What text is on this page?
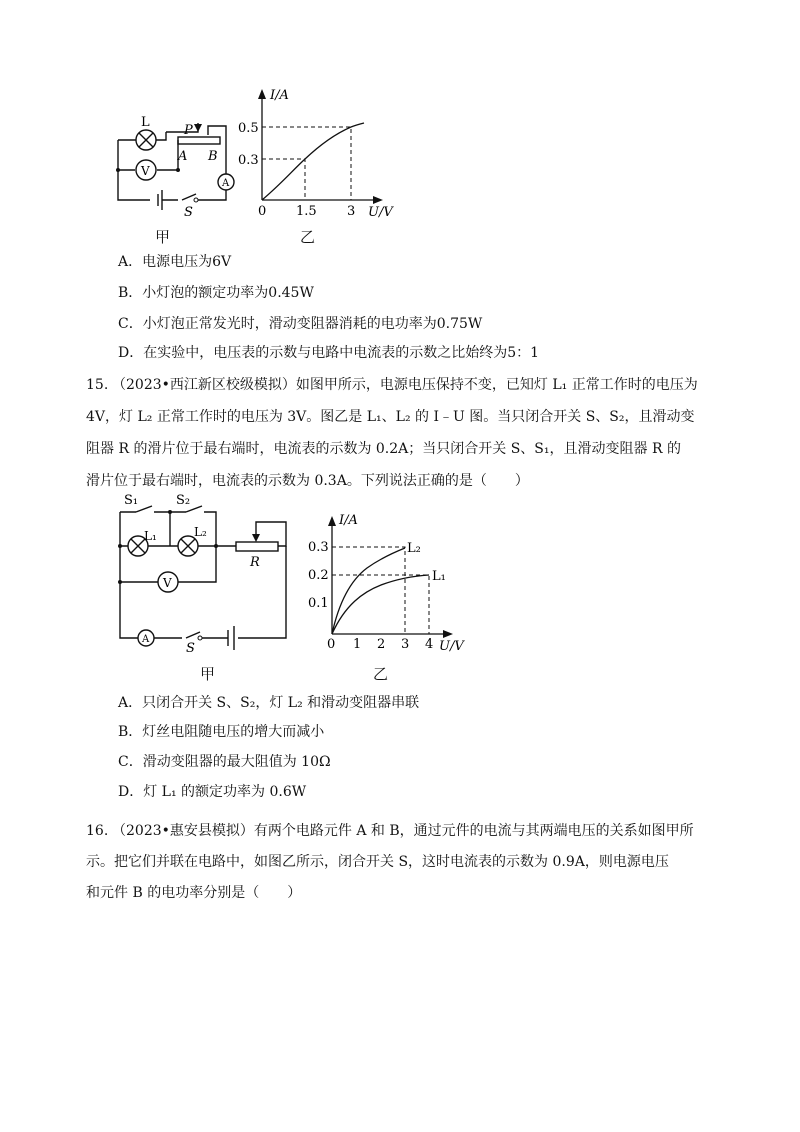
L
P
A B
V
A
S
甲
I/A
U/V
0
0.3
0.5
1.5 3
乙
A．电源电压为6V
B．小灯泡的额定功率为0.45W
C．小灯泡正常发光时，滑动变阻器消耗的电功率为0.75W
D．在实验中，电压表的示数与电路中电流表的示数之比始终为5：1
15. （2023•西江新区校级模拟）如图甲所示，电源电压保持不变，已知灯 L₁ 正常工作时的电压为
4V，灯 L₂ 正常工作时的电压为 3V。图乙是 L₁、L₂ 的 I﹣U 图。当只闭合开关 S、S₂，且滑动变
阻器 R 的滑片位于最右端时，电流表的示数为 0.2A；当只闭合开关 S、S₁，且滑动变阻器 R 的
滑片位于最右端时，电流表的示数为 0.3A。下列说法正确的是（　　）
S₁	S₂
L₁	L₂
R
V
A
S
甲
I/A
U/V
0
0.1
0.2
0.3
1 2 3 4
L₂
L₁
乙
A．只闭合开关 S、S₂，灯 L₂ 和滑动变阻器串联
B．灯丝电阻随电压的增大而减小
C．滑动变阻器的最大阻值为 10Ω
D．灯 L₁ 的额定功率为 0.6W
16. （2023•惠安县模拟）有两个电路元件 A 和 B，通过元件的电流与其两端电压的关系如图甲所
示。把它们并联在电路中，如图乙所示，闭合开关 S，这时电流表的示数为 0.9A，则电源电压
和元件 B 的电功率分别是（　　）
